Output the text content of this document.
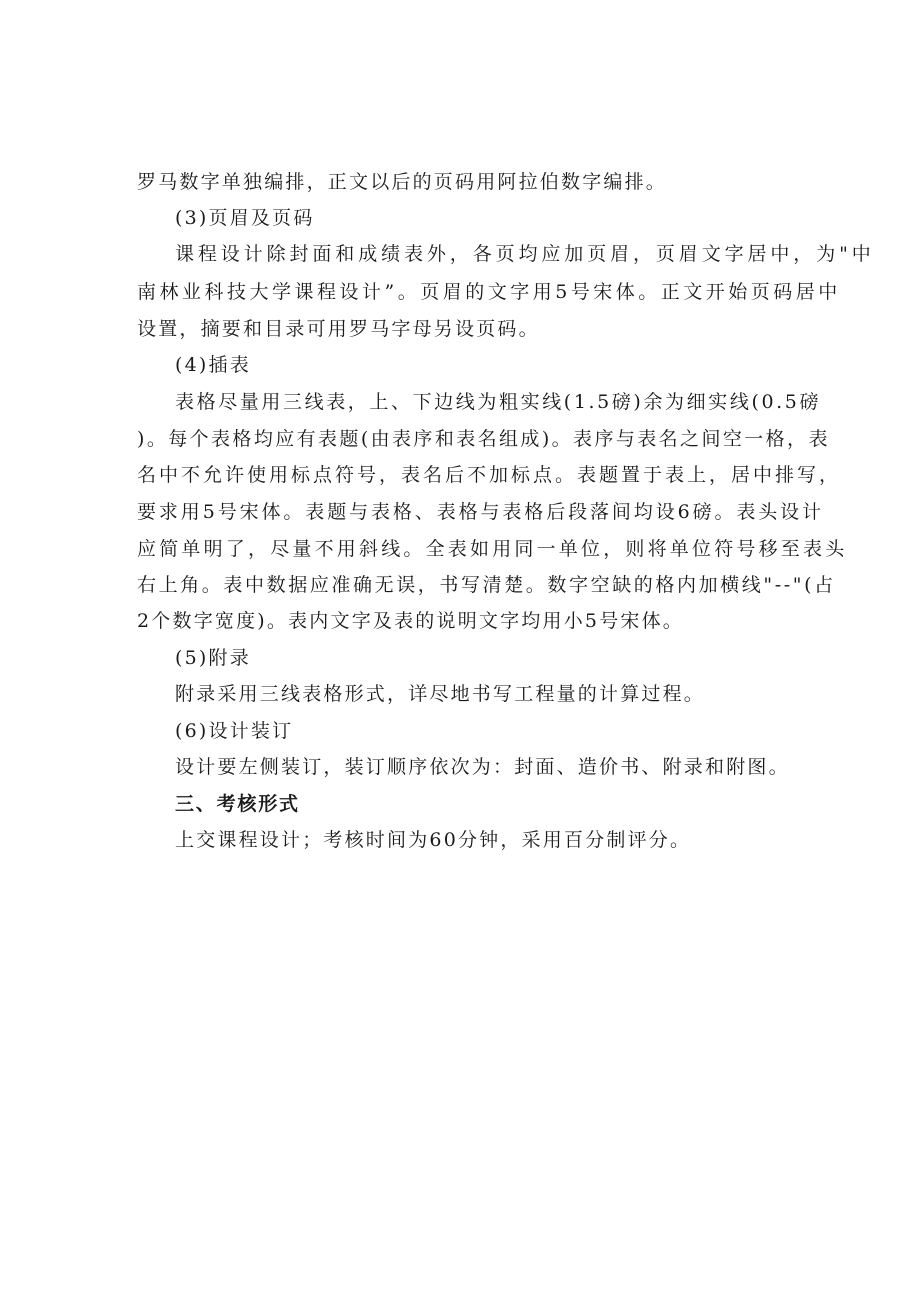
罗马数字单独编排，正文以后的页码用阿拉伯数字编排。
(3)页眉及页码
课程设计除封面和成绩表外，各页均应加页眉，页眉文字居中，为"中
南林业科技大学课程设计”。页眉的文字用5号宋体。正文开始页码居中
设置，摘要和目录可用罗马字母另设页码。
(4)插表
表格尽量用三线表，上、下边线为粗实线(1.5磅)余为细实线(0.5磅
)。每个表格均应有表题(由表序和表名组成)。表序与表名之间空一格，表
名中不允许使用标点符号，表名后不加标点。表题置于表上，居中排写，
要求用5号宋体。表题与表格、表格与表格后段落间均设6磅。表头设计
应简单明了，尽量不用斜线。全表如用同一单位，则将单位符号移至表头
右上角。表中数据应准确无误，书写清楚。数字空缺的格内加横线"--"(占
2个数字宽度)。表内文字及表的说明文字均用小5号宋体。
(5)附录
附录采用三线表格形式，详尽地书写工程量的计算过程。
(6)设计装订
设计要左侧装订，装订顺序依次为：封面、造价书、附录和附图。
三、考核形式
上交课程设计；考核时间为60分钟，采用百分制评分。
